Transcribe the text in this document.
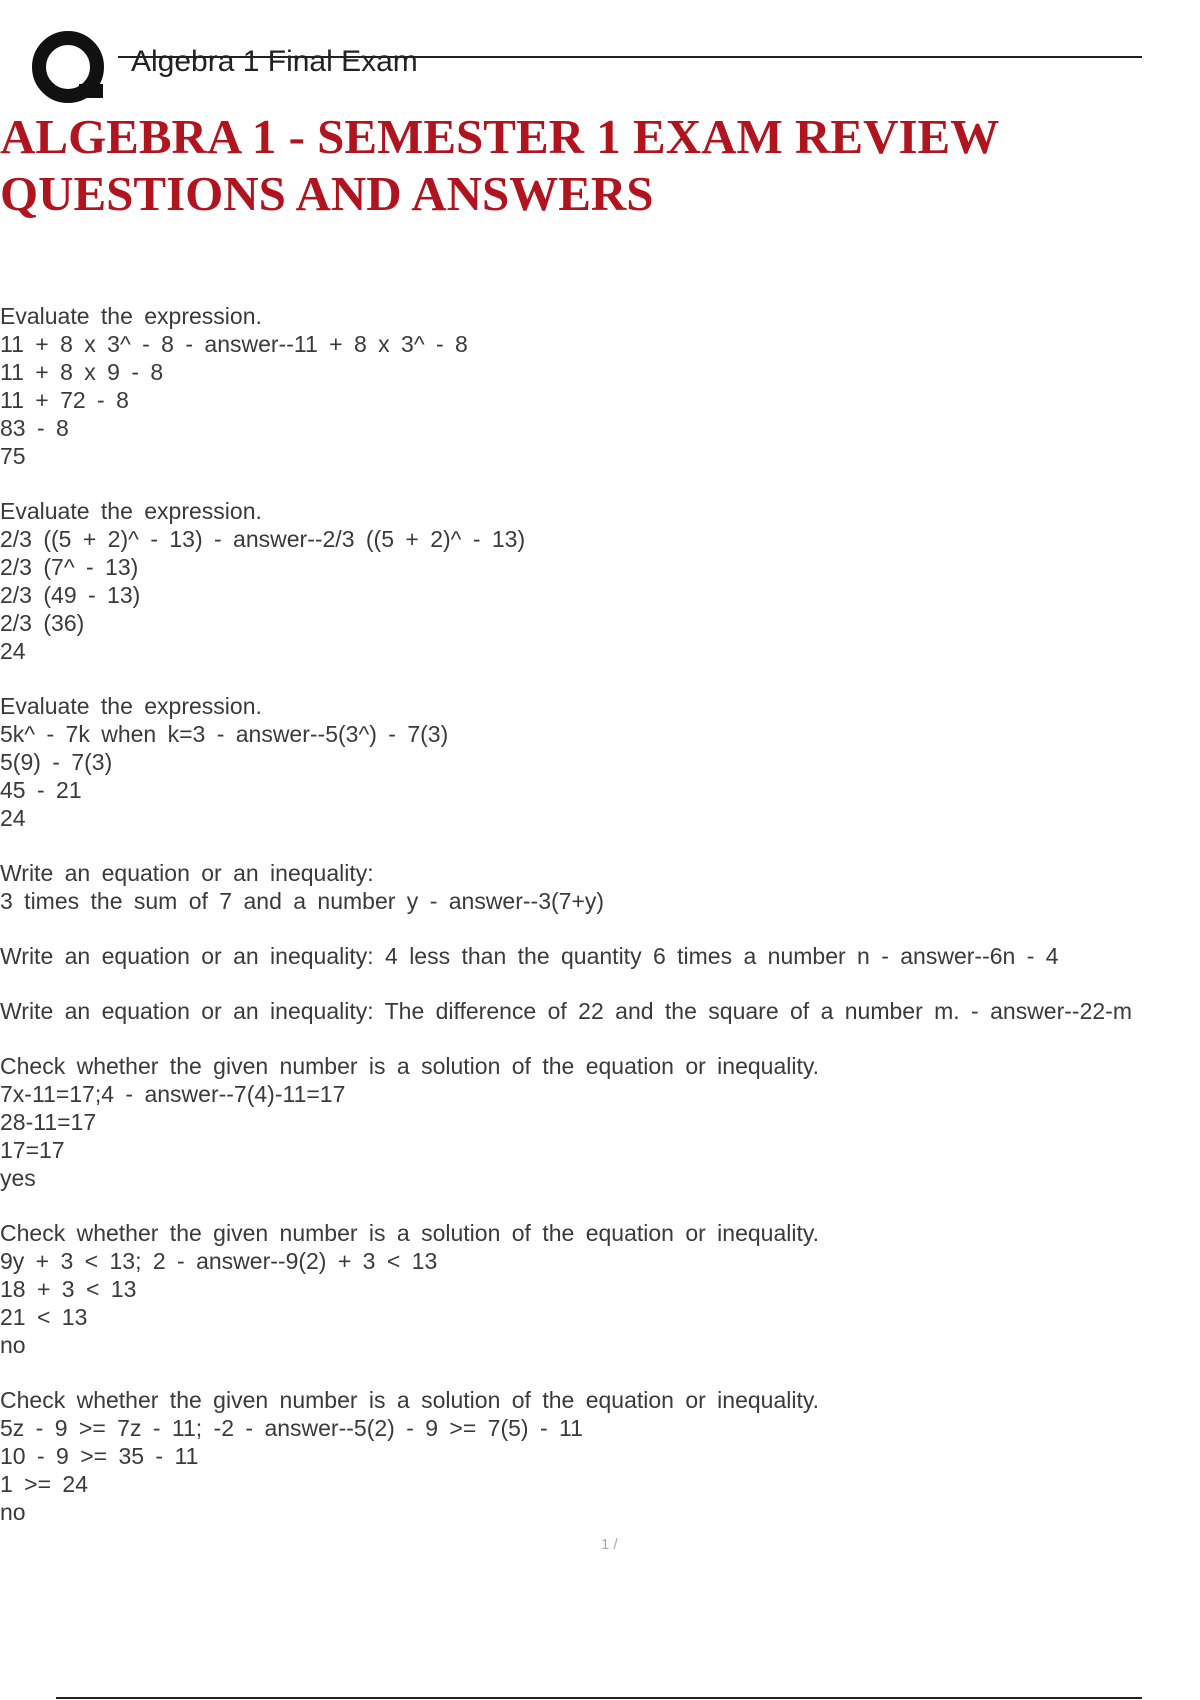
Algebra 1 Final Exam
ALGEBRA 1 - SEMESTER 1 EXAM REVIEW QUESTIONS AND ANSWERS
Evaluate the expression.
11 + 8 x 3^ - 8 - answer--11 + 8 x 3^ - 8
11 + 8 x 9 - 8
11 + 72 - 8
83 - 8
75
Evaluate the expression.
2/3 ((5 + 2)^ - 13) - answer--2/3 ((5 + 2)^ - 13)
2/3 (7^ - 13)
2/3 (49 - 13)
2/3 (36)
24
Evaluate the expression.
5k^ - 7k when k=3 - answer--5(3^) - 7(3)
5(9) - 7(3)
45 - 21
24
Write an equation or an inequality:
3 times the sum of 7 and a number y - answer--3(7+y)
Write an equation or an inequality: 4 less than the quantity 6 times a number n - answer--6n - 4
Write an equation or an inequality: The difference of 22 and the square of a number m. - answer--22-m
Check whether the given number is a solution of the equation or inequality.
7x-11=17;4 - answer--7(4)-11=17
28-11=17
17=17
yes
Check whether the given number is a solution of the equation or inequality.
9y + 3 < 13; 2 - answer--9(2) + 3 < 13
18 + 3 < 13
21 < 13
no
Check whether the given number is a solution of the equation or inequality.
5z - 9 >= 7z - 11; -2 - answer--5(2) - 9 >= 7(5) - 11
10 - 9 >= 35 - 11
1 >= 24
no
1 /
